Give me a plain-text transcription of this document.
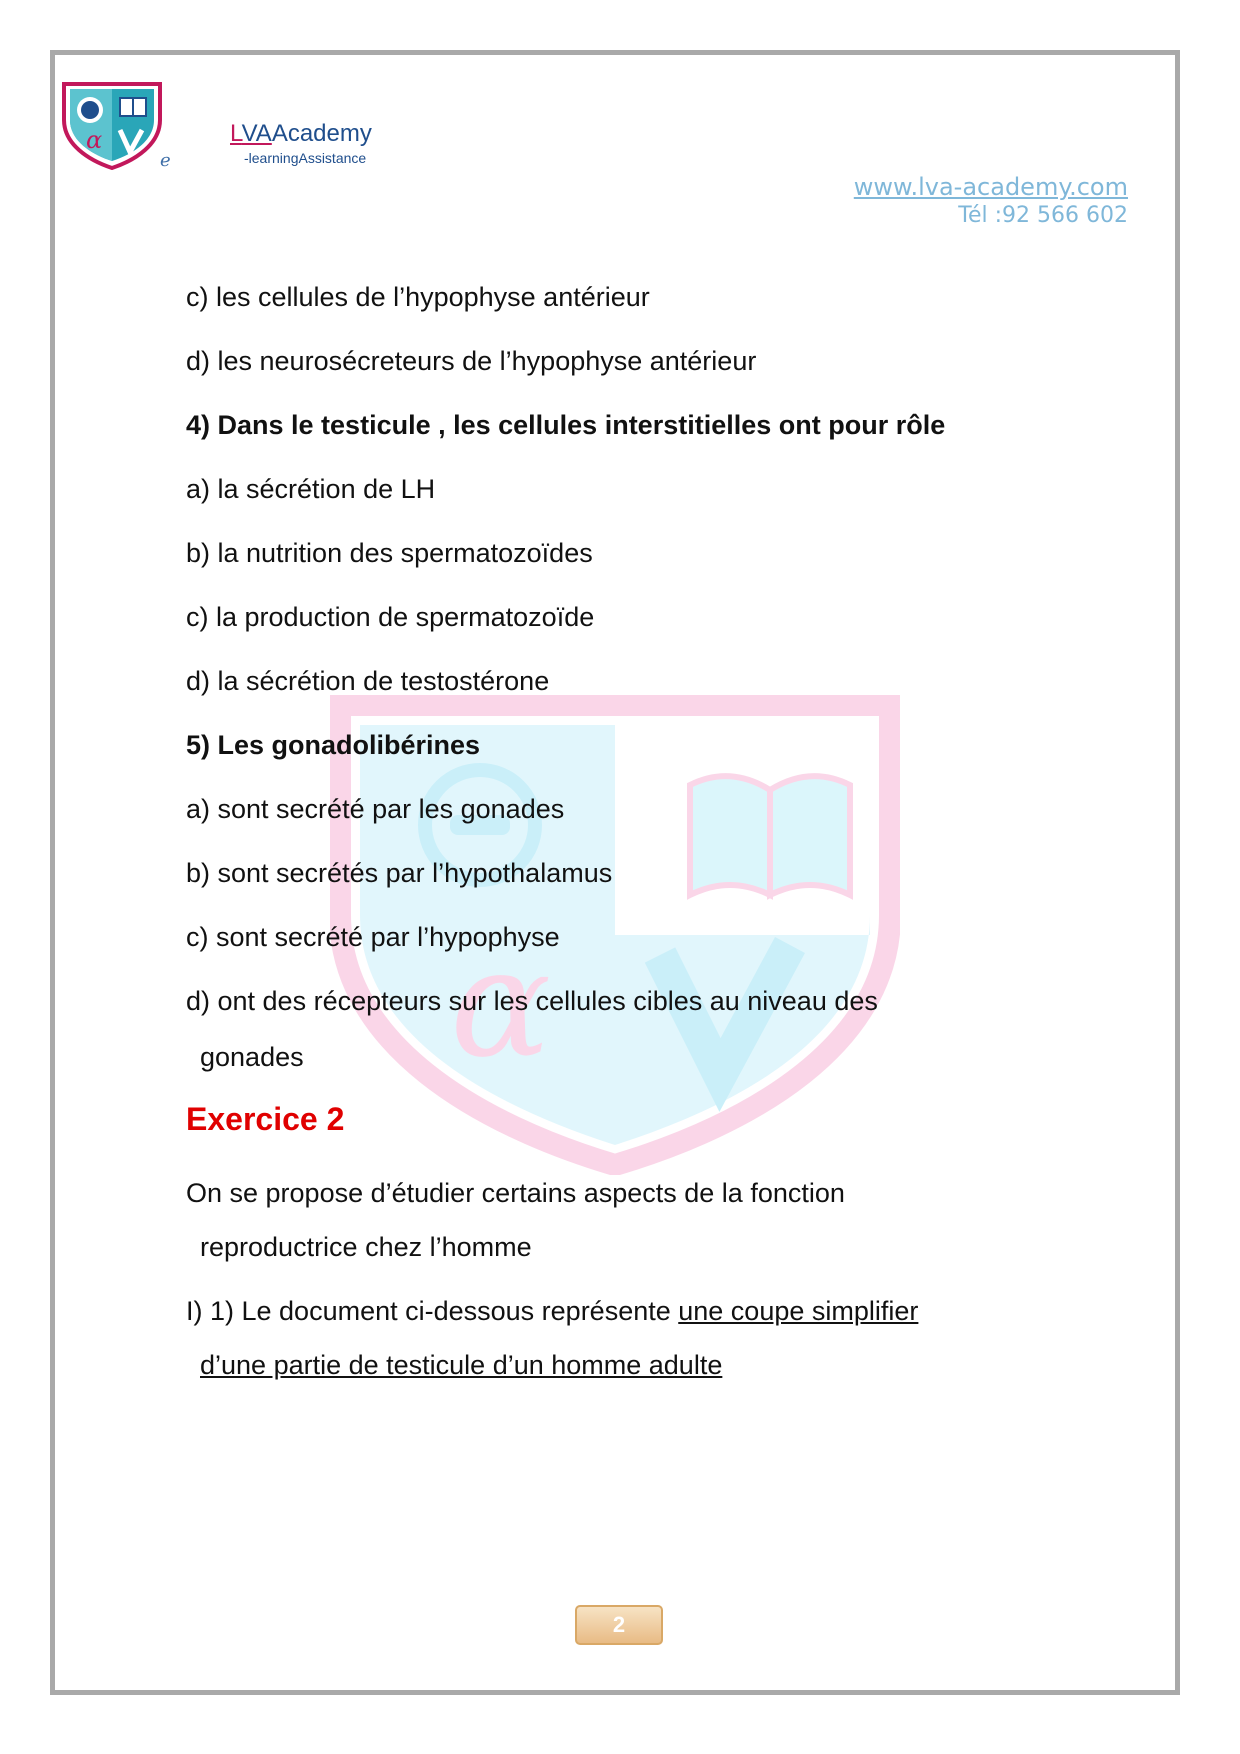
α
e
LVAAcademy
-learningAssistance
www.lva-academy.com
Tél :92 566 602
α
c) les cellules de l’hypophyse antérieur
d) les neurosécreteurs de l’hypophyse antérieur
4) Dans le testicule , les cellules interstitielles ont pour rôle
a) la sécrétion de LH
b) la nutrition des spermatozoïdes
c) la production de spermatozoïde
d) la sécrétion de testostérone
5) Les gonadolibérines
a) sont secrété par les gonades
b) sont secrétés par l’hypothalamus
c) sont secrété par l’hypophyse
d) ont des récepteurs sur les cellules cibles au niveau des
gonades
Exercice 2
On se propose d’étudier certains aspects de la fonction
reproductrice chez l’homme
I) 1) Le document ci-dessous représente une coupe simplifier
d’une partie de testicule d’un homme adulte
2
